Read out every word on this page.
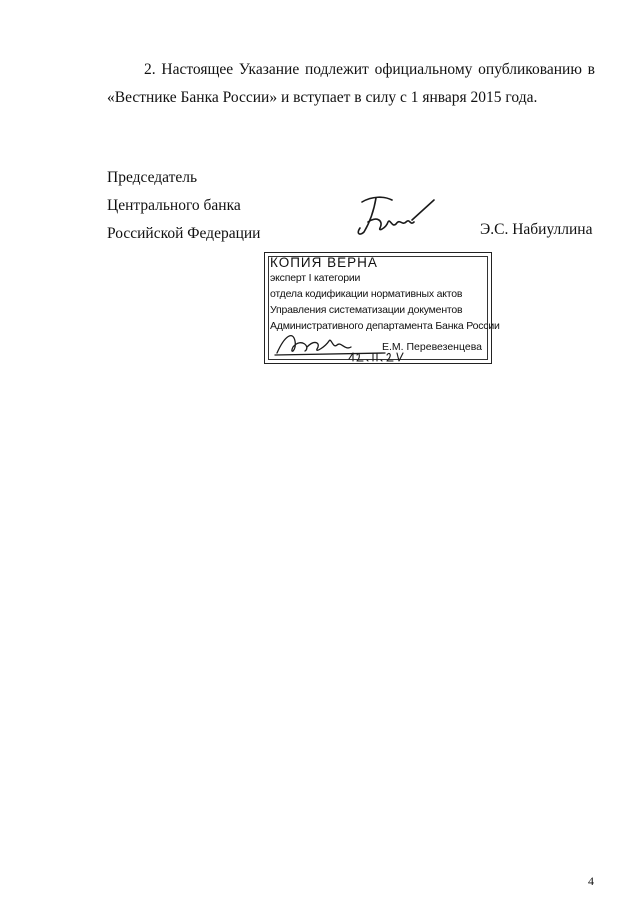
2. Настоящее Указание подлежит официальному опубликованию в
«Вестнике Банка России» и вступает в силу с 1 января 2015 года.
Председатель
Центрального банка
Российской Федерации	Э.С. Набиуллина
КОПИЯ ВЕРНА
эксперт I категории
отдела кодификации нормативных актов
Управления систематизации документов
Административного департамента Банка России
Е.М. Перевезенцева
4
